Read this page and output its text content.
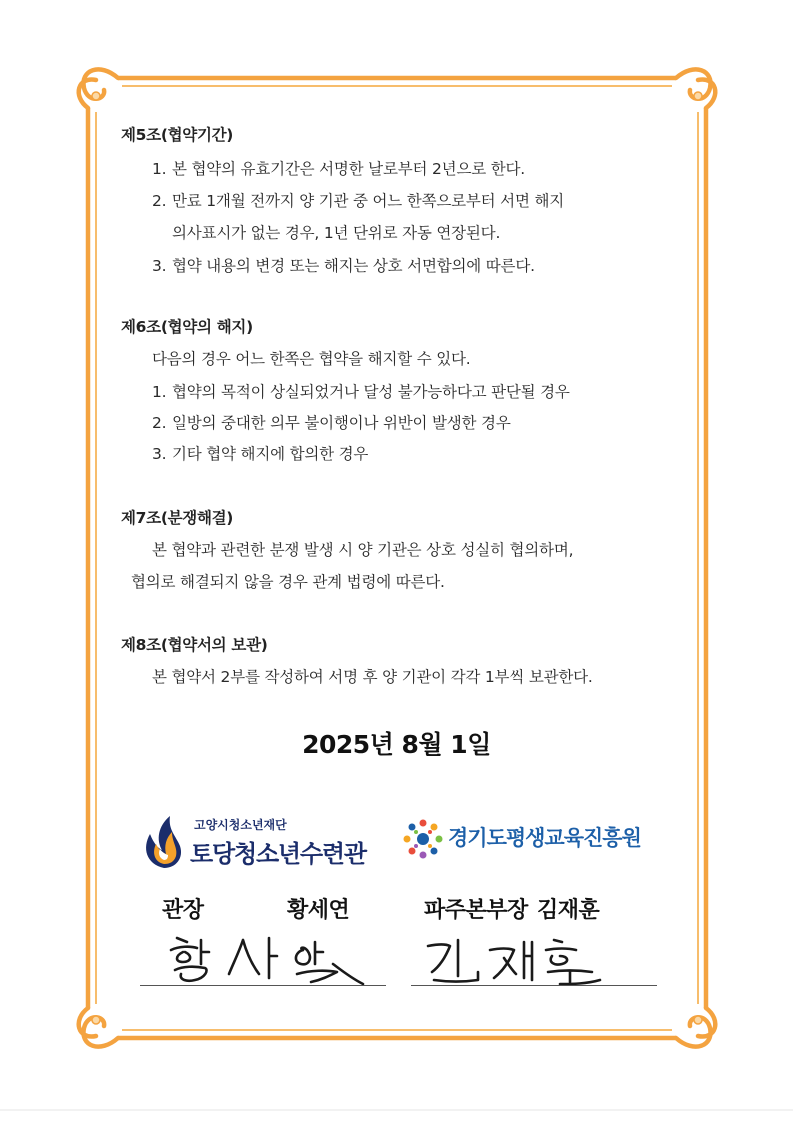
제5조(협약기간)
1. 본 협약의 유효기간은 서명한 날로부터 2년으로 한다.
2. 만료 1개월 전까지 양 기관 중 어느 한쪽으로부터 서면 해지
의사표시가 없는 경우, 1년 단위로 자동 연장된다.
3. 협약 내용의 변경 또는 해지는 상호 서면합의에 따른다.
제6조(협약의 해지)
다음의 경우 어느 한쪽은 협약을 해지할 수 있다.
1. 협약의 목적이 상실되었거나 달성 불가능하다고 판단될 경우
2. 일방의 중대한 의무 불이행이나 위반이 발생한 경우
3. 기타 협약 해지에 합의한 경우
제7조(분쟁해결)
본 협약과 관련한 분쟁 발생 시 양 기관은 상호 성실히 협의하며,
협의로 해결되지 않을 경우 관계 법령에 따른다.
제8조(협약서의 보관)
본 협약서 2부를 작성하여 서명 후 양 기관이 각각 1부씩 보관한다.
2025년 8월 1일
고양시청소년재단
토당청소년수련관
경기도평생교육진흥원
관장	황세연	파주본부장 김재훈
